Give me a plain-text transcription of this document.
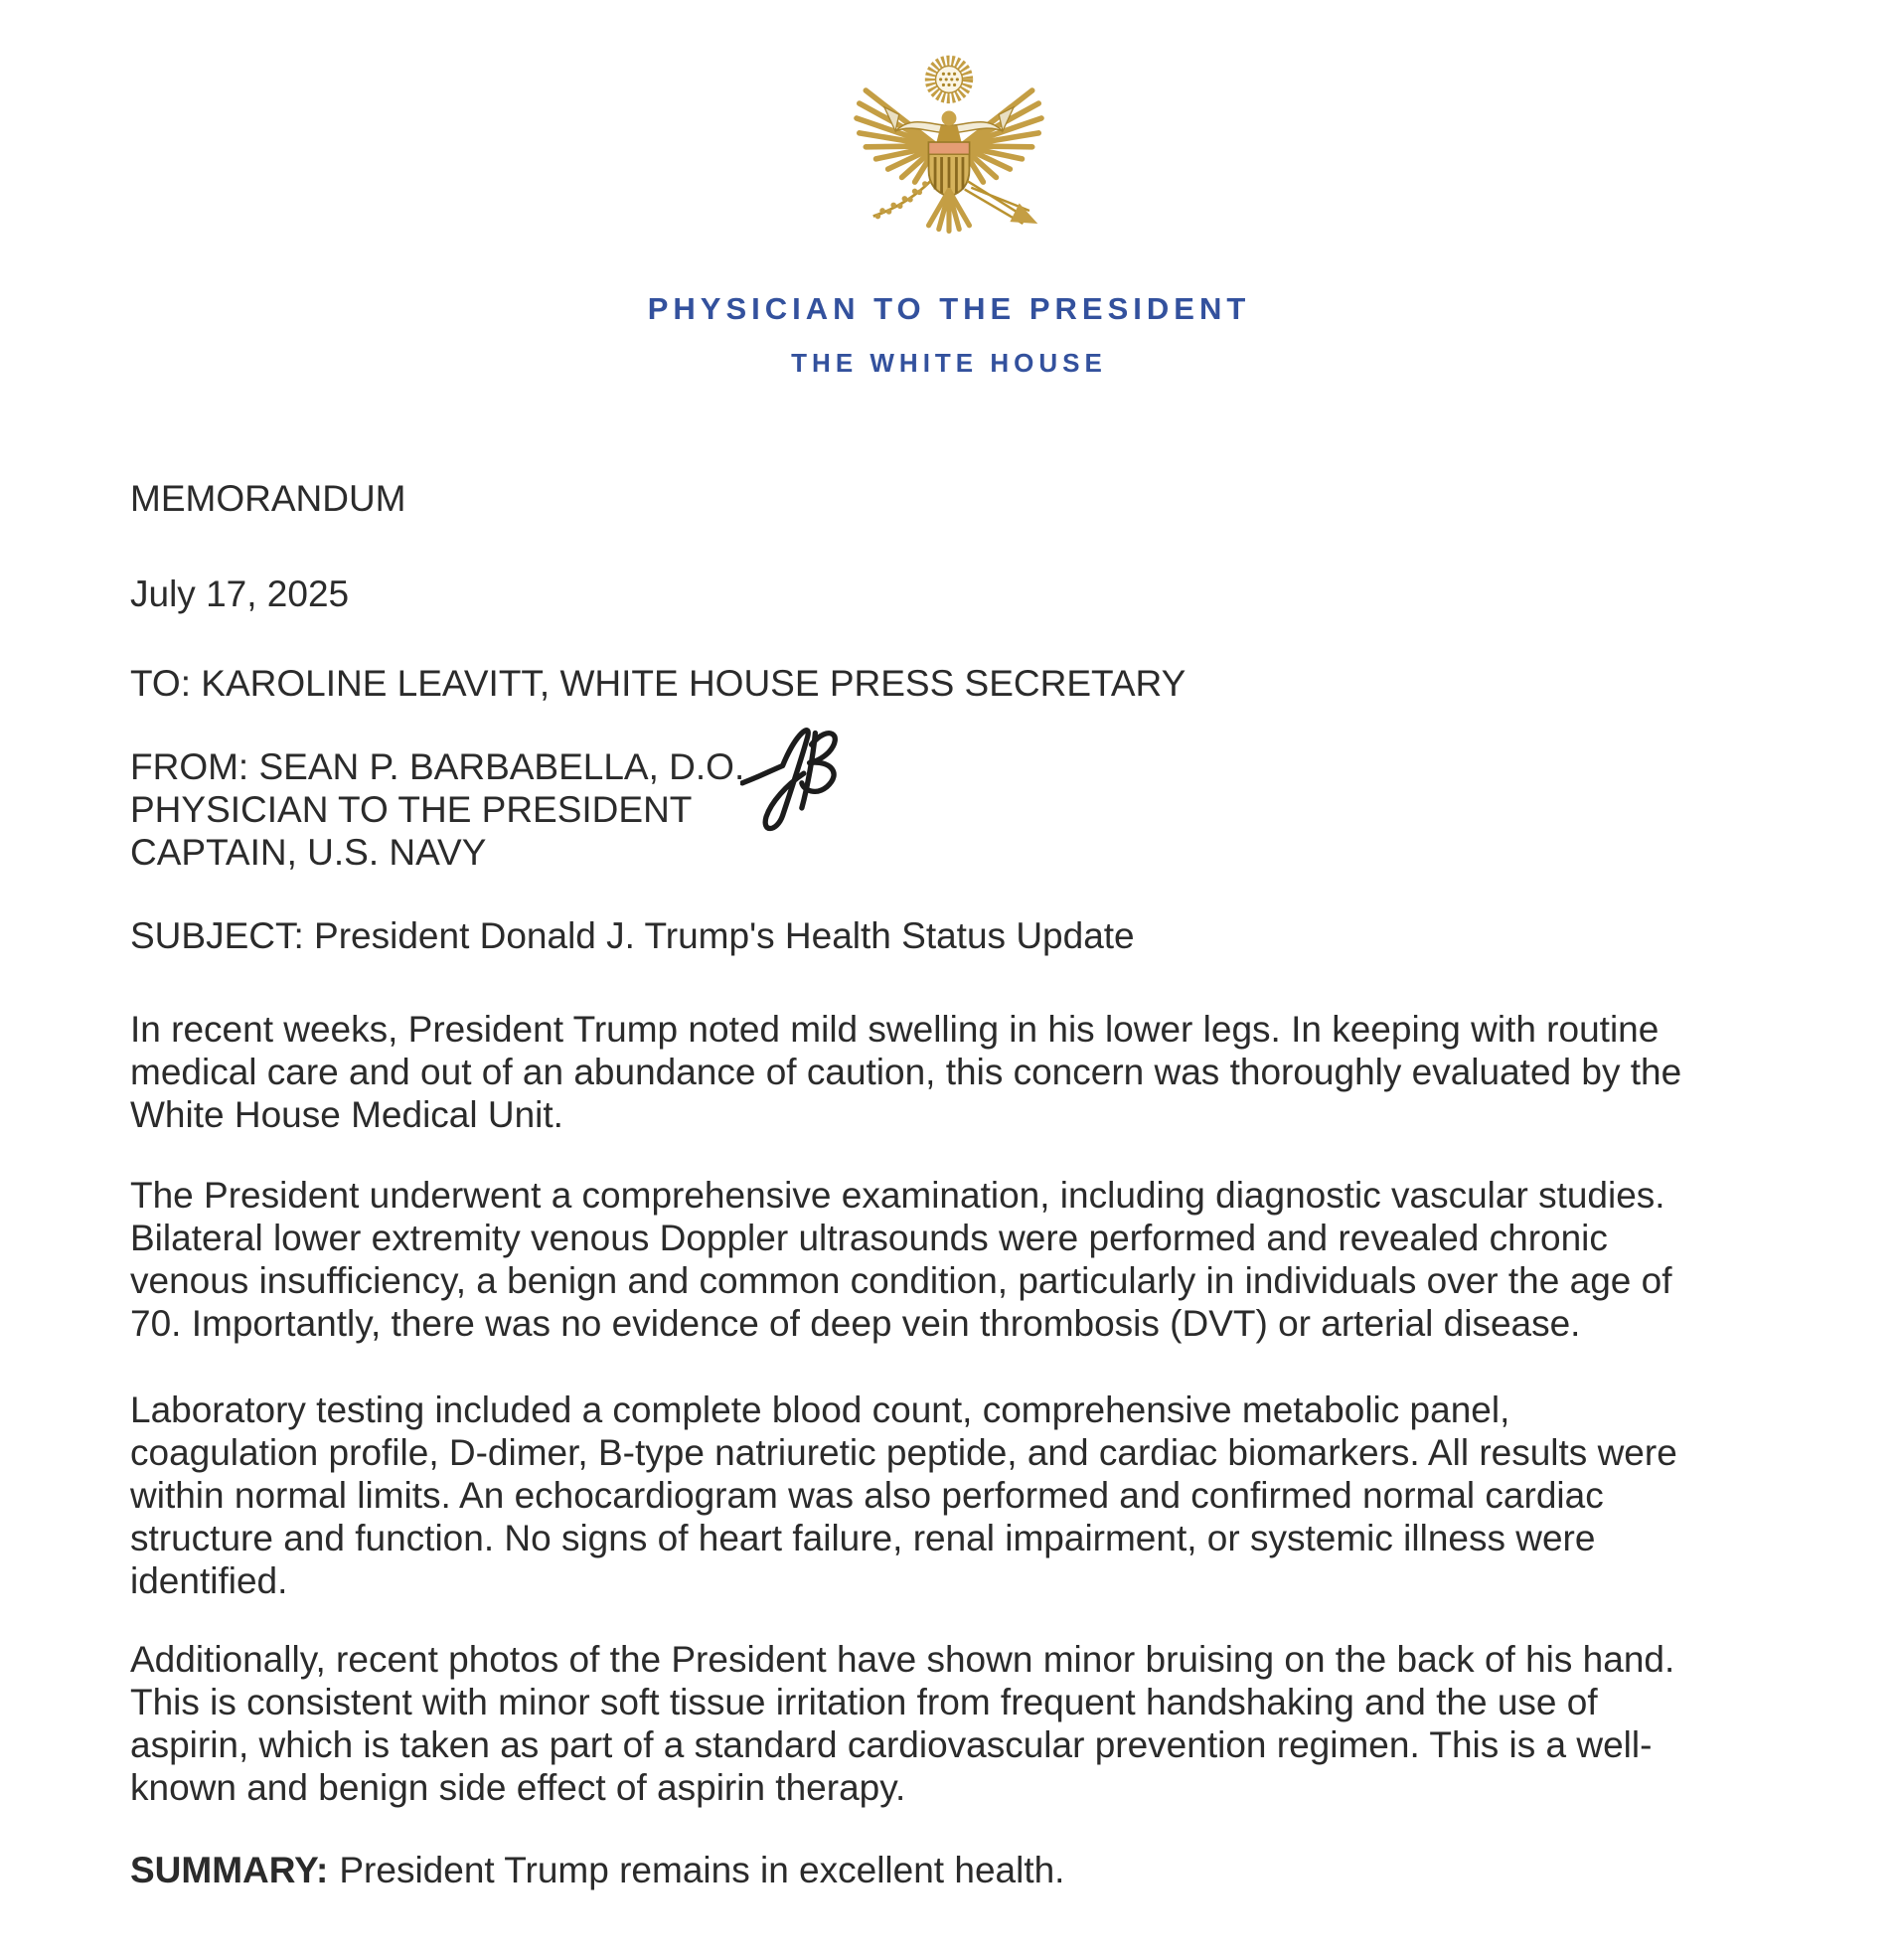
PHYSICIAN TO THE PRESIDENT
THE WHITE HOUSE
MEMORANDUM
July 17, 2025
TO: KAROLINE LEAVITT, WHITE HOUSE PRESS SECRETARY
FROM: SEAN P. BARBABELLA, D.O.
PHYSICIAN TO THE PRESIDENT
CAPTAIN, U.S. NAVY
SUBJECT: President Donald J. Trump's Health Status Update
In recent weeks, President Trump noted mild swelling in his lower legs. In keeping with routine
medical care and out of an abundance of caution, this concern was thoroughly evaluated by the
White House Medical Unit.
The President underwent a comprehensive examination, including diagnostic vascular studies.
Bilateral lower extremity venous Doppler ultrasounds were performed and revealed chronic
venous insufficiency, a benign and common condition, particularly in individuals over the age of
70. Importantly, there was no evidence of deep vein thrombosis (DVT) or arterial disease.
Laboratory testing included a complete blood count, comprehensive metabolic panel,
coagulation profile, D-dimer, B-type natriuretic peptide, and cardiac biomarkers. All results were
within normal limits. An echocardiogram was also performed and confirmed normal cardiac
structure and function. No signs of heart failure, renal impairment, or systemic illness were
identified.
Additionally, recent photos of the President have shown minor bruising on the back of his hand.
This is consistent with minor soft tissue irritation from frequent handshaking and the use of
aspirin, which is taken as part of a standard cardiovascular prevention regimen. This is a well-
known and benign side effect of aspirin therapy.
SUMMARY: President Trump remains in excellent health.
